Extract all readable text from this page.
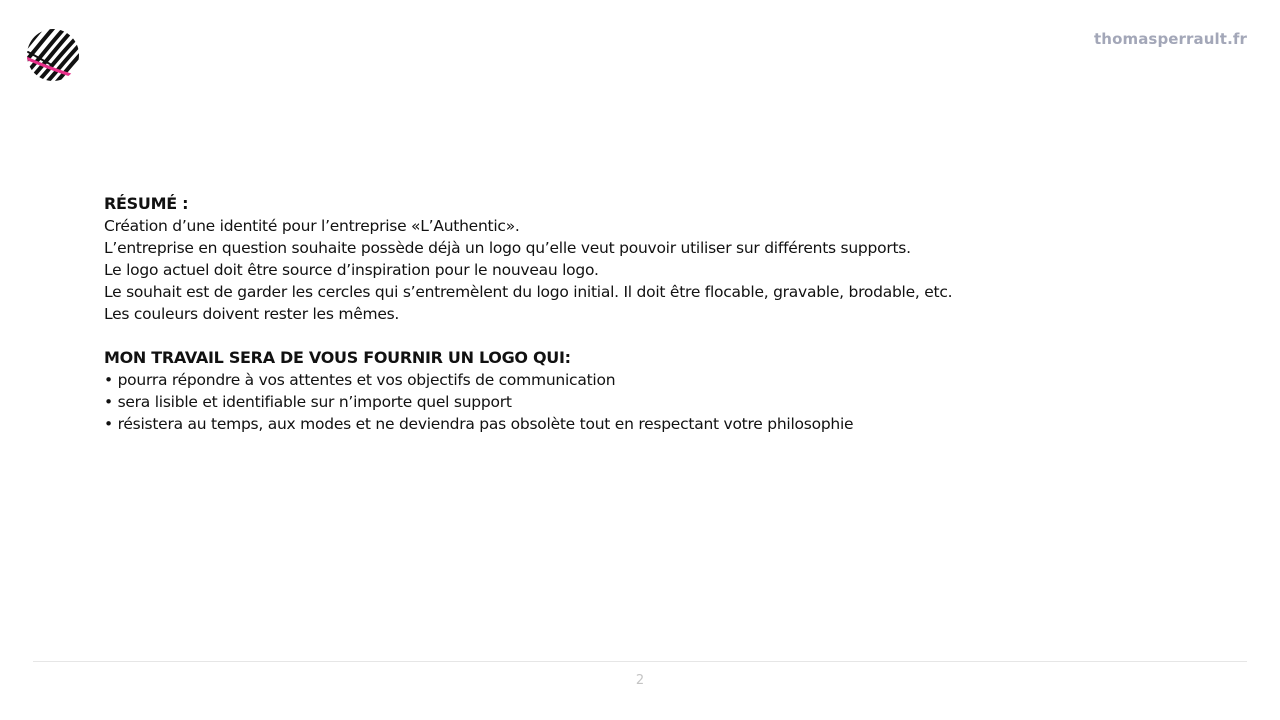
thomasperrault.fr

RÉSUMÉ :

Création d’une identité pour l’entreprise «L’Authentic».

L’entreprise en question souhaite possède déjà un logo qu’elle veut pouvoir utiliser sur différents supports.

Le logo actuel doit être source d’inspiration pour le nouveau logo.

Le souhait est de garder les cercles qui s’entremèlent du logo initial. Il doit être flocable, gravable, brodable, etc.

Les couleurs doivent rester les mêmes.

MON TRAVAIL SERA DE VOUS FOURNIR UN LOGO QUI:

• pourra répondre à vos attentes et vos objectifs de communication

• sera lisible et identifiable sur n’importe quel support

• résistera au temps, aux modes et ne deviendra pas obsolète tout en respectant votre philosophie

2
